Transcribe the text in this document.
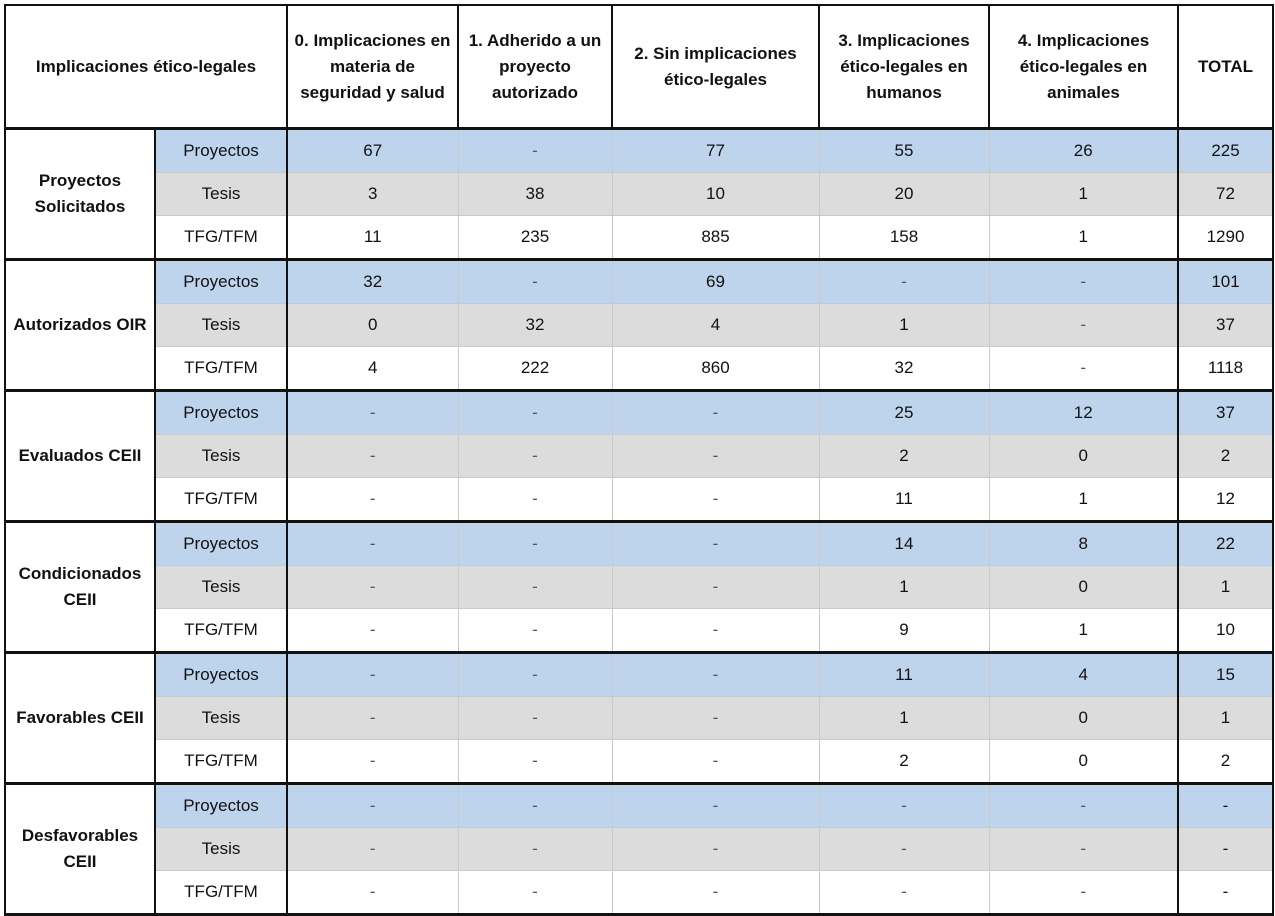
Implicaciones ético-legales		0. Implicaciones en materia de seguridad y salud	1. Adherido a un proyecto autorizado	2. Sin implicaciones ético-legales	3. Implicaciones ético-legales en humanos	4. Implicaciones ético-legales en animales	TOTAL
Proyectos Solicitados	Proyectos	67	-	77	55	26	225
	Tesis	3	38	10	20	1	72
	TFG/TFM	11	235	885	158	1	1290
Autorizados OIR	Proyectos	32	-	69	-	-	101
	Tesis	0	32	4	1	-	37
	TFG/TFM	4	222	860	32	-	1118
Evaluados CEII	Proyectos	-	-	-	25	12	37
	Tesis	-	-	-	2	0	2
	TFG/TFM	-	-	-	11	1	12
Condicionados CEII	Proyectos	-	-	-	14	8	22
	Tesis	-	-	-	1	0	1
	TFG/TFM	-	-	-	9	1	10
Favorables CEII	Proyectos	-	-	-	11	4	15
	Tesis	-	-	-	1	0	1
	TFG/TFM	-	-	-	2	0	2
Desfavorables CEII	Proyectos	-	-	-	-	-	-
	Tesis	-	-	-	-	-	-
	TFG/TFM	-	-	-	-	-	-
